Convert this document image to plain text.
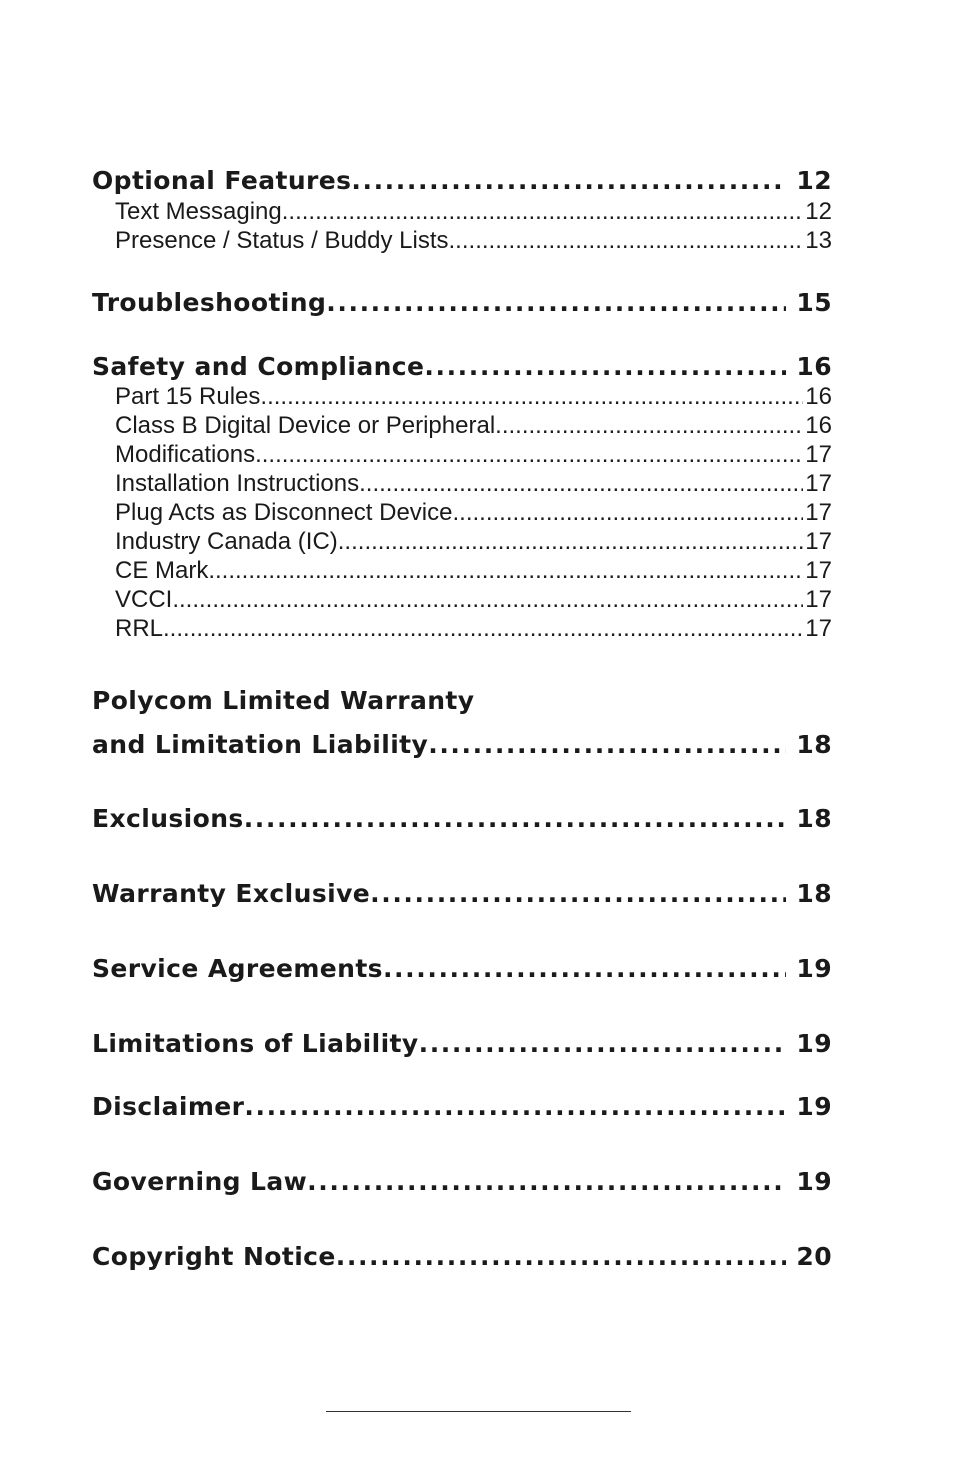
Optional Features .....	12
Text Messaging .....	12
Presence / Status / Buddy Lists .....	13
Troubleshooting .....	15
Safety and Compliance .....	16
Part 15 Rules .....	16
Class B Digital Device or Peripheral .....	16
Modifications .....	17
Installation Instructions .....	17
Plug Acts as Disconnect Device .....	17
Industry Canada (IC) .....	17
CE Mark .....	17
VCCI .....	17
RRL .....	17
Polycom Limited Warranty
and Limitation Liability .....	18
Exclusions .....	18
Warranty Exclusive .....	18
Service Agreements .....	19
Limitations of Liability .....	19
Disclaimer .....	19
Governing Law .....	19
Copyright Notice .....	20
